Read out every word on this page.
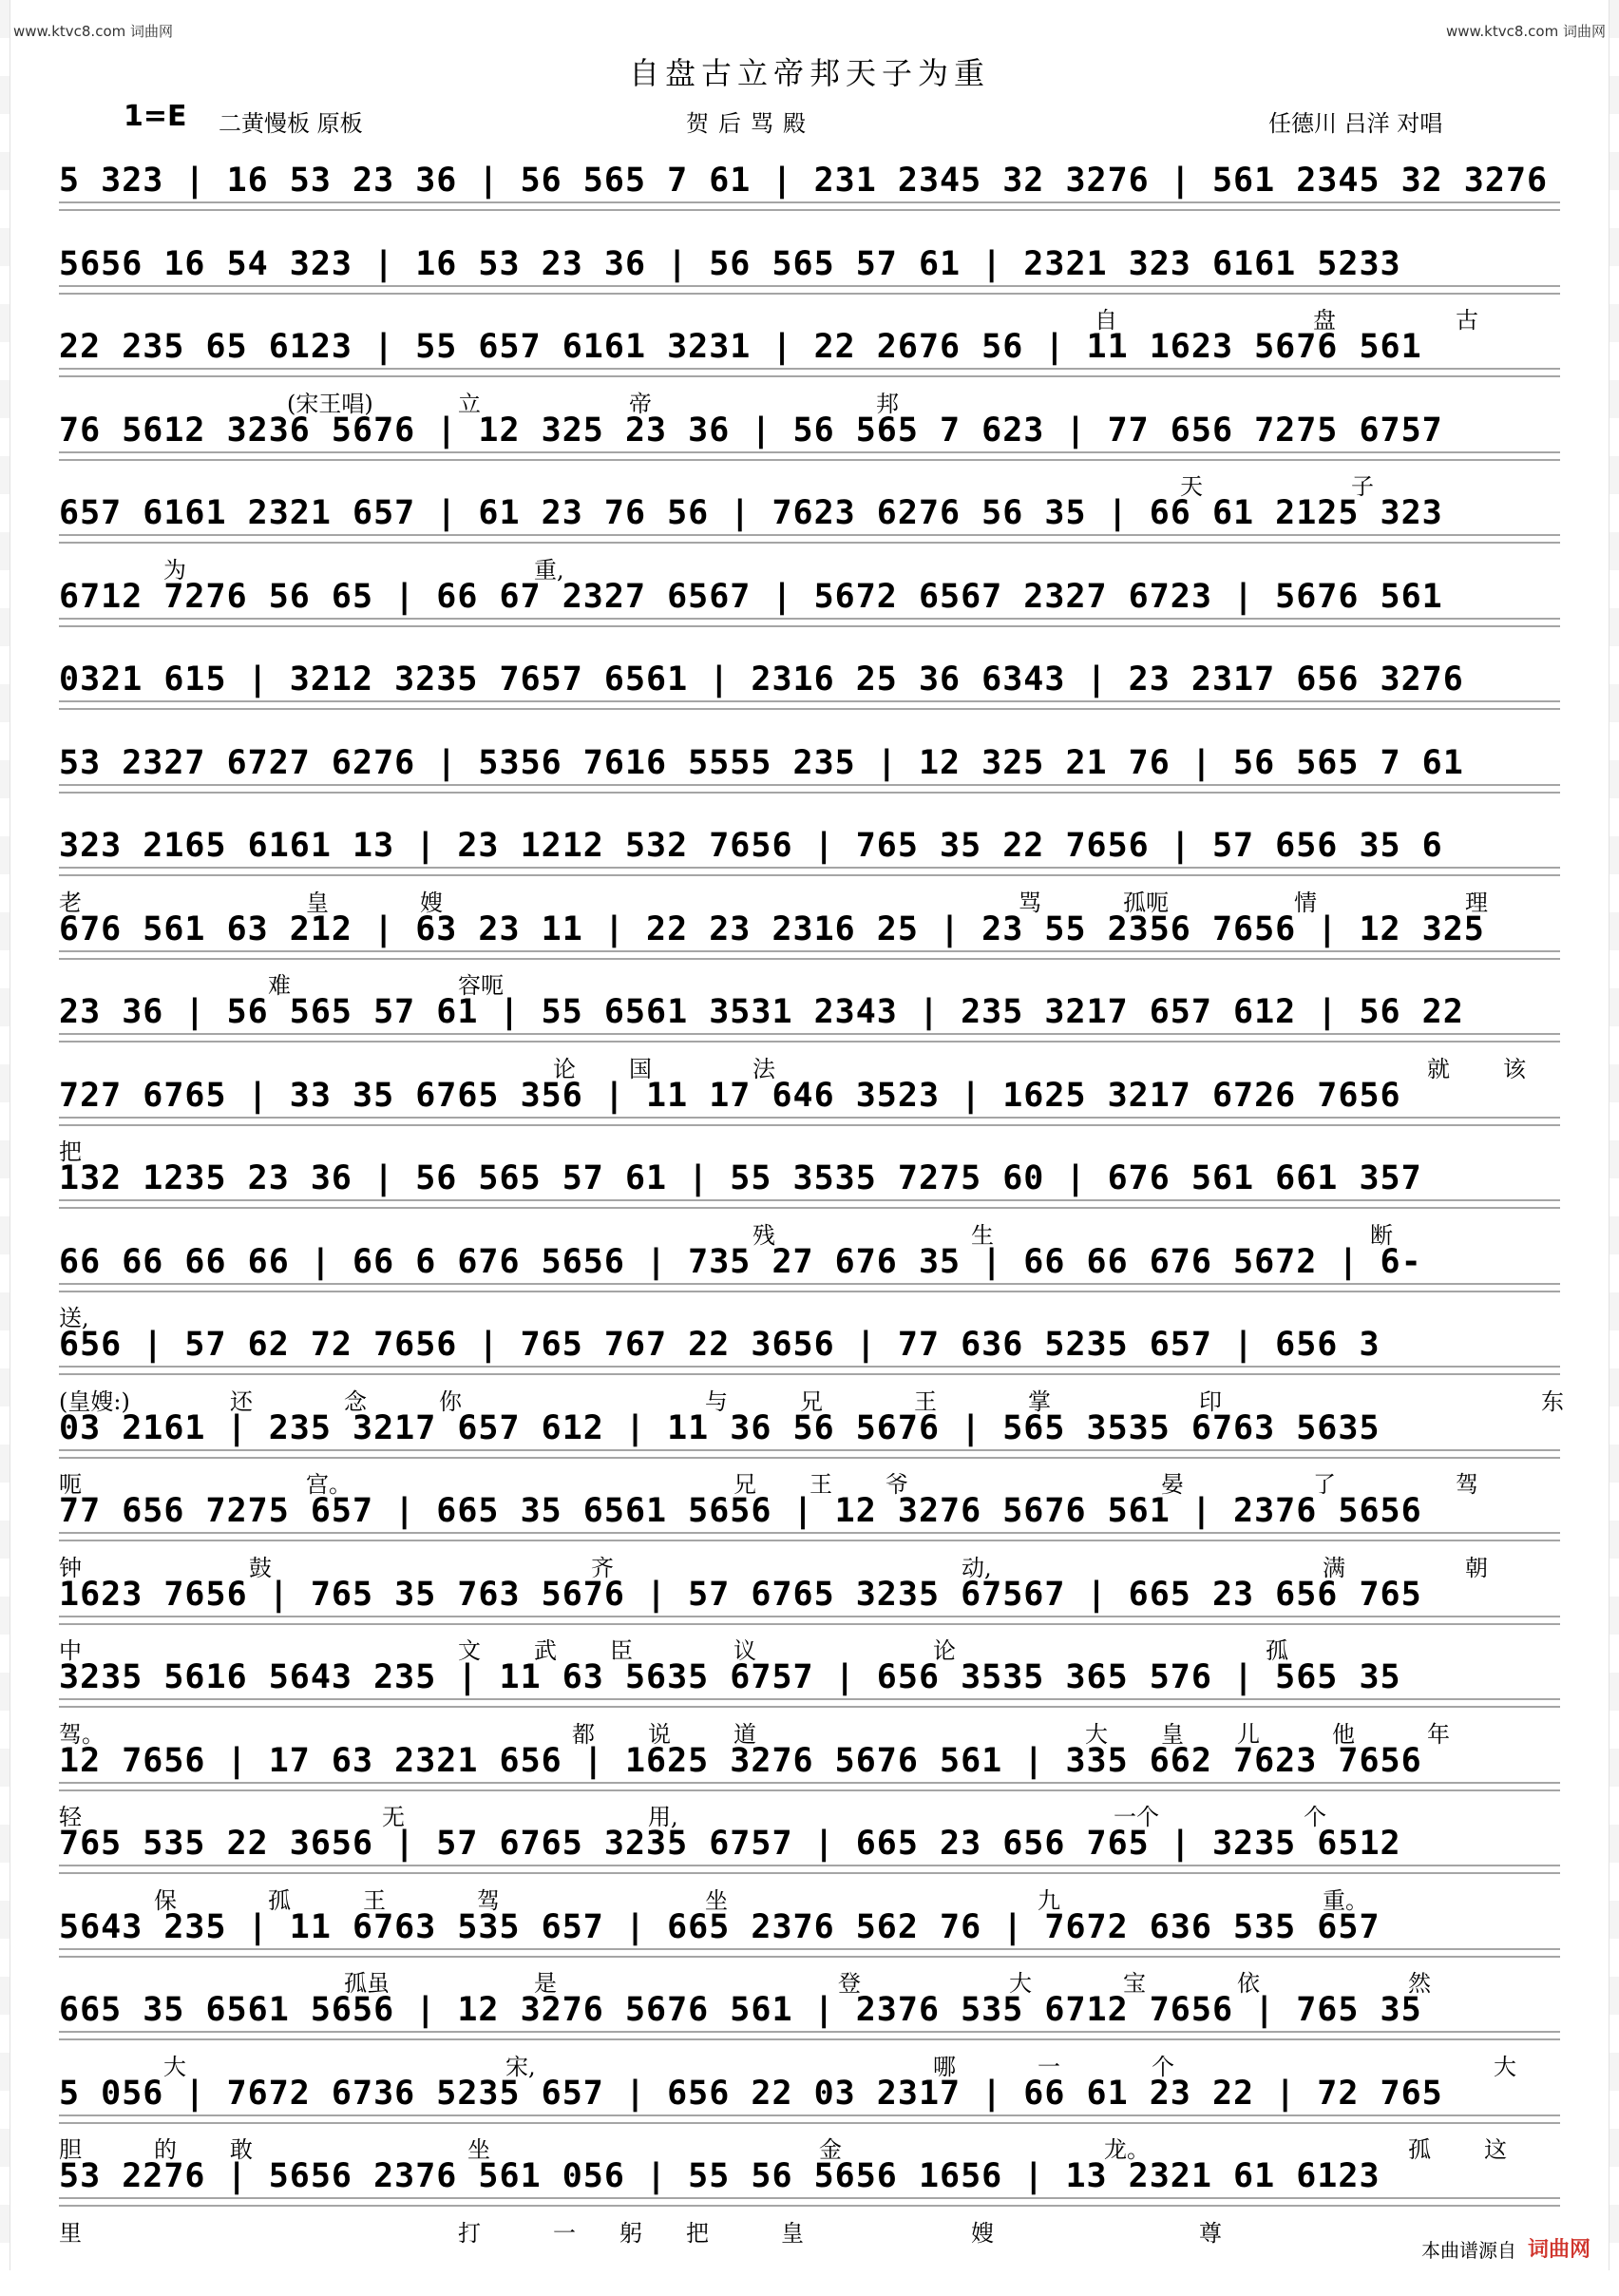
www.ktvc8.com 词曲网	www.ktvc8.com 词曲网
自盘古立帝邦天子为重
1=E 二黄慢板 原板	贺后骂殿	任德川 吕洋 对唱
5 323 | 16 53 23 36 | 56 565 7 61 | 231 2345 32 3276 | 561 2345 32 3276
5656 16 54 323 | 16 53 23 36 | 56 565 57 61 | 2321 323 6161 5233
自	盘	古
22 235 65 6123 | 55 657 6161 3231 | 22 2676 56 | 11 1623 5676 561
(宋王唱)	立	帝	邦
76 5612 3236 5676 | 12 325 23 36 | 56 565 7 623 | 77 656 7275 6757
天	子
657 6161 2321 657 | 61 23 76 56 | 7623 6276 56 35 | 66 61 2125 323
为	重,
6712 7276 56 65 | 66 67 2327 6567 | 5672 6567 2327 6723 | 5676 561
0321 615 | 3212 3235 7657 6561 | 2316 25 36 6343 | 23 2317 656 3276
53 2327 6727 6276 | 5356 7616 5555 235 | 12 325 21 76 | 56 565 7 61
323 2165 6161 13 | 23 1212 532 7656 | 765 35 22 7656 | 57 656 35 6
老	皇	嫂	骂	孤呃	情	理
676 561 63 212 | 63 23 11 | 22 23 2316 25 | 23 55 2356 7656 | 12 325
难	容呃
23 36 | 56 565 57 61 | 55 6561 3531 2343 | 235 3217 657 612 | 56 22
论 国	法	就 该
727 6765 | 33 35 6765 356 | 11 17 646 3523 | 1625 3217 6726 7656
把
132 1235 23 36 | 56 565 57 61 | 55 3535 7275 60 | 676 561 661 357
残	生	断
66 66 66 66 | 66 6 676 5656 | 735 27 676 35 | 66 66 676 5672 | 6-
送,
656 | 57 62 72 7656 | 765 767 22 3656 | 77 636 5235 657 | 656 3
(皇嫂:)	还	念	你	与	兄	王	掌	印	东
03 2161 | 235 3217 657 612 | 11 36 56 5676 | 565 3535 6763 5635
呃	宫。	兄 王 爷	晏	了	驾
77 656 7275 657 | 665 35 6561 5656 | 12 3276 5676 561 | 2376 5656
钟	鼓	齐	动,	满	朝
1623 7656 | 765 35 763 5676 | 57 6765 3235 67567 | 665 23 656 765
中	文 武 臣	议	论	孤
3235 5616 5643 235 | 11 63 5635 6757 | 656 3535 365 576 | 565 35
驾。	都 说	道	大 皇 儿	他	年
12 7656 | 17 63 2321 656 | 1625 3276 5676 561 | 335 662 7623 7656
轻	无	用,	一个	个
765 535 22 3656 | 57 6765 3235 6757 | 665 23 656 765 | 3235 6512
保	孤	王	驾	坐	九	重。
5643 235 | 11 6763 535 657 | 665 2376 562 76 | 7672 636 535 657
孤虽	是	登	大	宝	依	然
665 35 6561 5656 | 12 3276 5676 561 | 2376 535 6712 7656 | 765 35
大	宋,	哪	一	个	大
5 056 | 7672 6736 5235 657 | 656 22 03 2317 | 66 61 23 22 | 72 765
胆	的 敢	坐	金	龙。	孤 这
53 2276 | 5656 2376 561 056 | 55 56 5656 1656 | 13 2321 61 6123
里	打	一 躬 把	皇	嫂	尊
本曲谱源自 词曲网
